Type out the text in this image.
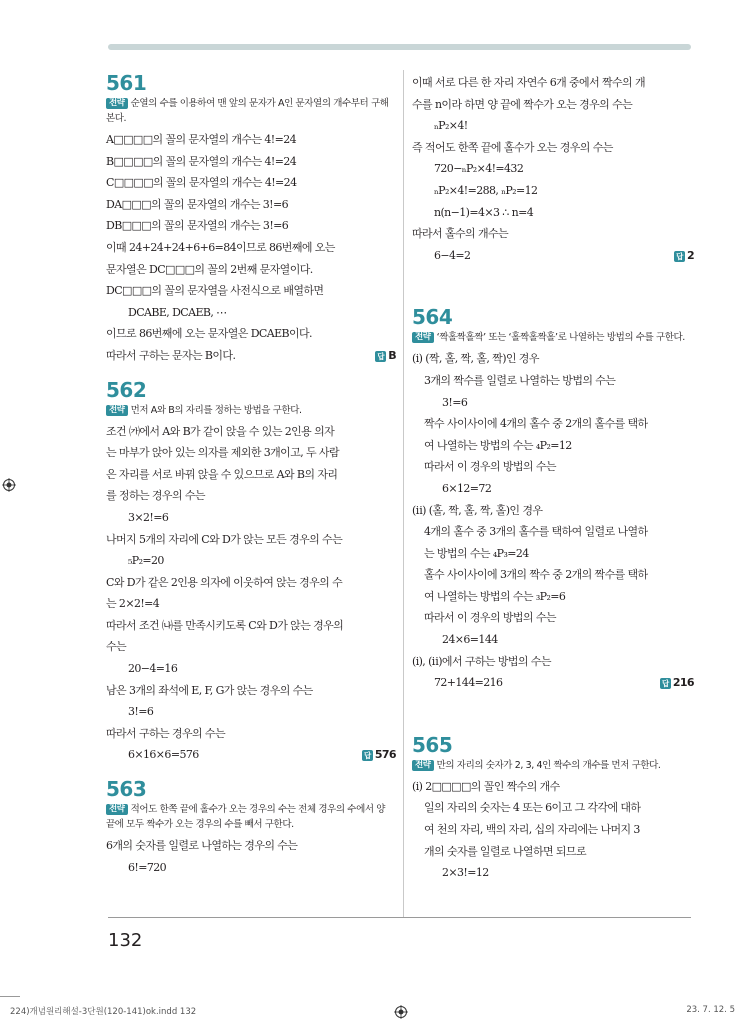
561
전략 순열의 수를 이용하여 맨 앞의 문자가 A인 문자열의 개수부터 구해 본다.
A□□□□의 꼴의 문자열의 개수는 4!=24
B□□□□의 꼴의 문자열의 개수는 4!=24
C□□□□의 꼴의 문자열의 개수는 4!=24
DA□□□의 꼴의 문자열의 개수는 3!=6
DB□□□의 꼴의 문자열의 개수는 3!=6
이때 24+24+24+6+6=84이므로 86번째에 오는
문자열은 DC□□□의 꼴의 2번째 문자열이다.
DC□□□의 꼴의 문자열을 사전식으로 배열하면
DCABE, DCAEB, ⋯
이므로 86번째에 오는 문자열은 DCAEB이다.
따라서 구하는 문자는 B이다.	답 B
562
전략 먼저 A와 B의 자리를 정하는 방법을 구한다.
조건 ㈎에서 A와 B가 같이 앉을 수 있는 2인용 의자
는 마부가 앉아 있는 의자를 제외한 3개이고, 두 사람
은 자리를 서로 바꿔 앉을 수 있으므로 A와 B의 자리
를 정하는 경우의 수는
3×2!=6
나머지 5개의 자리에 C와 D가 앉는 모든 경우의 수는
₅P₂=20
C와 D가 같은 2인용 의자에 이웃하여 앉는 경우의 수
는 2×2!=4
따라서 조건 ㈏를 만족시키도록 C와 D가 앉는 경우의
수는
20−4=16
남은 3개의 좌석에 E, F, G가 앉는 경우의 수는
3!=6
따라서 구하는 경우의 수는
6×16×6=576	답 576
563
전략 적어도 한쪽 끝에 홀수가 오는 경우의 수는 전체 경우의 수에서 양 끝에 모두 짝수가 오는 경우의 수를 빼서 구한다.
6개의 숫자를 일렬로 나열하는 경우의 수는
6!=720
이때 서로 다른 한 자리 자연수 6개 중에서 짝수의 개
수를 n이라 하면 양 끝에 짝수가 오는 경우의 수는
ₙP₂×4!
즉 적어도 한쪽 끝에 홀수가 오는 경우의 수는
720−ₙP₂×4!=432
ₙP₂×4!=288, ₙP₂=12
n(n−1)=4×3 ∴ n=4
따라서 홀수의 개수는
6−4=2	답 2
564
전략 ‘짝홀짝홀짝’ 또는 ‘홀짝홀짝홀’로 나열하는 방법의 수를 구한다.
(ⅰ) (짝, 홀, 짝, 홀, 짝)인 경우
3개의 짝수를 일렬로 나열하는 방법의 수는
3!=6
짝수 사이사이에 4개의 홀수 중 2개의 홀수를 택하
여 나열하는 방법의 수는 ₄P₂=12
따라서 이 경우의 방법의 수는
6×12=72
(ⅱ) (홀, 짝, 홀, 짝, 홀)인 경우
4개의 홀수 중 3개의 홀수를 택하여 일렬로 나열하
는 방법의 수는 ₄P₃=24
홀수 사이사이에 3개의 짝수 중 2개의 짝수를 택하
여 나열하는 방법의 수는 ₃P₂=6
따라서 이 경우의 방법의 수는
24×6=144
(ⅰ), (ⅱ)에서 구하는 방법의 수는
72+144=216	답 216
565
전략 만의 자리의 숫자가 2, 3, 4인 짝수의 개수를 먼저 구한다.
(ⅰ) 2□□□□의 꼴인 짝수의 개수
일의 자리의 숫자는 4 또는 6이고 그 각각에 대하
여 천의 자리, 백의 자리, 십의 자리에는 나머지 3
개의 숫자를 일렬로 나열하면 되므로
2×3!=12
132
224)개념원리해설-3단원(120-141)ok.indd 132	23. 7. 12. 5
